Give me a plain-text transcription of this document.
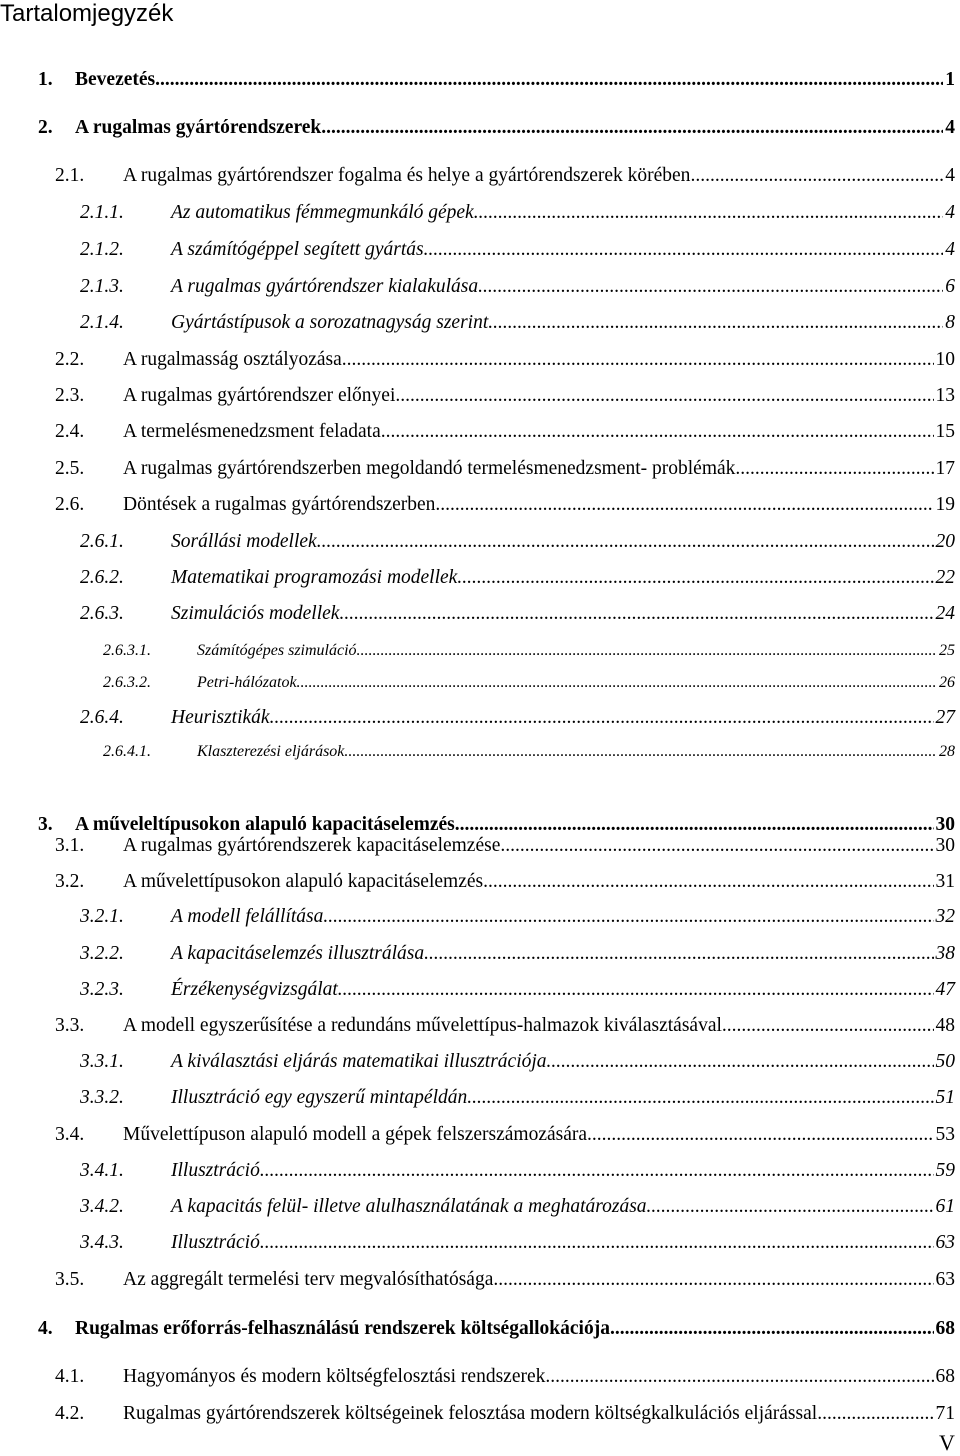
Tartalomjegyzék
1.	Bevezetés .....	1
2.	A rugalmas gyártórendszerek .....	4
2.1.	A rugalmas gyártórendszer fogalma és helye a gyártórendszerek körében .....	4
2.1.1.	Az automatikus fémmegmunkáló gépek .....	4
2.1.2.	A számítógéppel segített gyártás .....	4
2.1.3.	A rugalmas gyártórendszer kialakulása .....	6
2.1.4.	Gyártástípusok a sorozatnagyság szerint .....	8
2.2.	A rugalmasság osztályozása .....	10
2.3.	A rugalmas gyártórendszer előnyei .....	13
2.4.	A termelésmenedzsment feladata .....	15
2.5.	A rugalmas gyártórendszerben megoldandó termelésmenedzsment- problémák .....	17
2.6.	Döntések a rugalmas gyártórendszerben .....	19
2.6.1.	Sorállási modellek .....	20
2.6.2.	Matematikai programozási modellek .....	22
2.6.3.	Szimulációs modellek .....	24
2.6.3.1.	Számítógépes szimuláció .....	25
2.6.3.2.	Petri-hálózatok .....	26
2.6.4.	Heurisztikák .....	27
2.6.4.1.	Klaszterezési eljárások .....	28
3.	A műveleltípusokon alapuló kapacitáselemzés .....	30
3.1.	A rugalmas gyártórendszerek kapacitáselemzése .....	30
3.2.	A művelettípusokon alapuló kapacitáselemzés .....	31
3.2.1.	A modell felállítása .....	32
3.2.2.	A kapacitáselemzés illusztrálása .....	38
3.2.3.	Érzékenységvizsgálat .....	47
3.3.	A modell egyszerűsítése a redundáns művelettípus-halmazok kiválasztásával .....	48
3.3.1.	A kiválasztási eljárás matematikai illusztrációja .....	50
3.3.2.	Illusztráció egy egyszerű mintapéldán .....	51
3.4.	Művelettípuson alapuló modell a gépek felszerszámozására .....	53
3.4.1.	Illusztráció .....	59
3.4.2.	A kapacitás felül- illetve alulhasználatának a meghatározása .....	61
3.4.3.	Illusztráció .....	63
3.5.	Az aggregált termelési terv megvalósíthatósága .....	63
4.	Rugalmas erőforrás-felhasználású rendszerek költségallokációja .....	68
4.1.	Hagyományos és modern költségfelosztási rendszerek .....	68
4.2.	Rugalmas gyártórendszerek költségeinek felosztása modern költségkalkulációs eljárással .....	71
V
